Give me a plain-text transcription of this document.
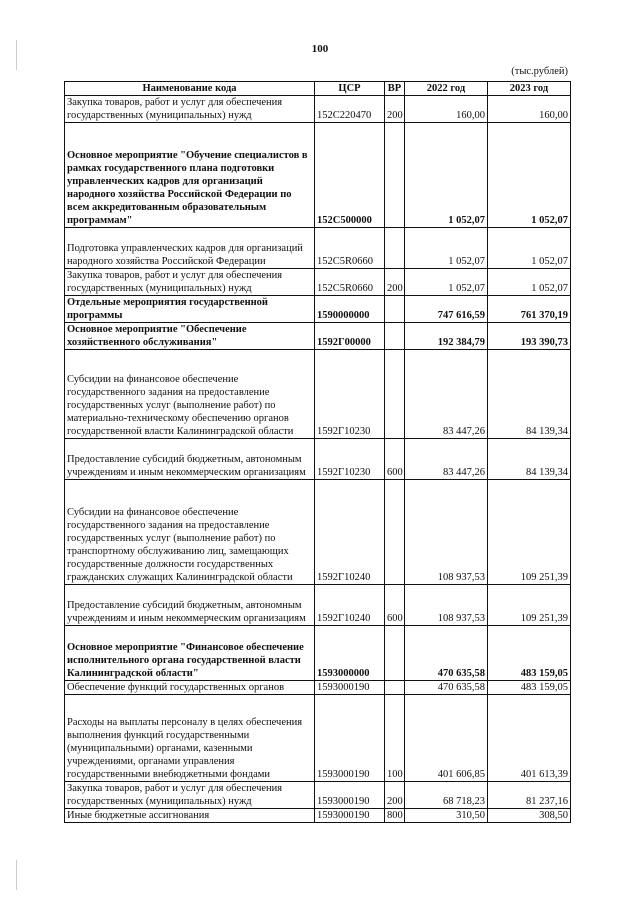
100
(тыс.рублей)
Наименование кода	ЦСР	ВР	2022 год	2023 год
Закупка товаров, работ и услуг для обеспечения государственных (муниципальных) нужд	152С220470	200	160,00	160,00
Основное мероприятие "Обучение специалистов в рамках государственного плана подготовки управленческих кадров для организаций народного хозяйства Российской Федерации по всем аккредитованным образовательным программам"	152С500000		1 052,07	1 052,07
Подготовка управленческих кадров для организаций народного хозяйства Российской Федерации	152С5R0660		1 052,07	1 052,07
Закупка товаров, работ и услуг для обеспечения государственных (муниципальных) нужд	152С5R0660	200	1 052,07	1 052,07
Отдельные мероприятия государственной программы	1590000000		747 616,59	761 370,19
Основное мероприятие "Обеспечение хозяйственного обслуживания"	1592Г00000		192 384,79	193 390,73
Субсидии на финансовое обеспечение государственного задания на предоставление государственных услуг (выполнение работ) по материально-техническому обеспечению органов государственной власти Калининградской области	1592Г10230		83 447,26	84 139,34
Предоставление субсидий бюджетным, автономным учреждениям и иным некоммерческим организациям	1592Г10230	600	83 447,26	84 139,34
Субсидии на финансовое обеспечение государственного задания на предоставление государственных услуг (выполнение работ) по транспортному обслуживанию лиц, замещающих государственные должности государственных гражданских служащих Калининградской области	1592Г10240		108 937,53	109 251,39
Предоставление субсидий бюджетным, автономным учреждениям и иным некоммерческим организациям	1592Г10240	600	108 937,53	109 251,39
Основное мероприятие "Финансовое обеспечение исполнительного органа государственной власти Калининградской области"	1593000000		470 635,58	483 159,05
Обеспечение функций государственных органов	1593000190		470 635,58	483 159,05
Расходы на выплаты персоналу в целях обеспечения выполнения функций государственными (муниципальными) органами, казенными учреждениями, органами управления государственными внебюджетными фондами	1593000190	100	401 606,85	401 613,39
Закупка товаров, работ и услуг для обеспечения государственных (муниципальных) нужд	1593000190	200	68 718,23	81 237,16
Иные бюджетные ассигнования	1593000190	800	310,50	308,50
